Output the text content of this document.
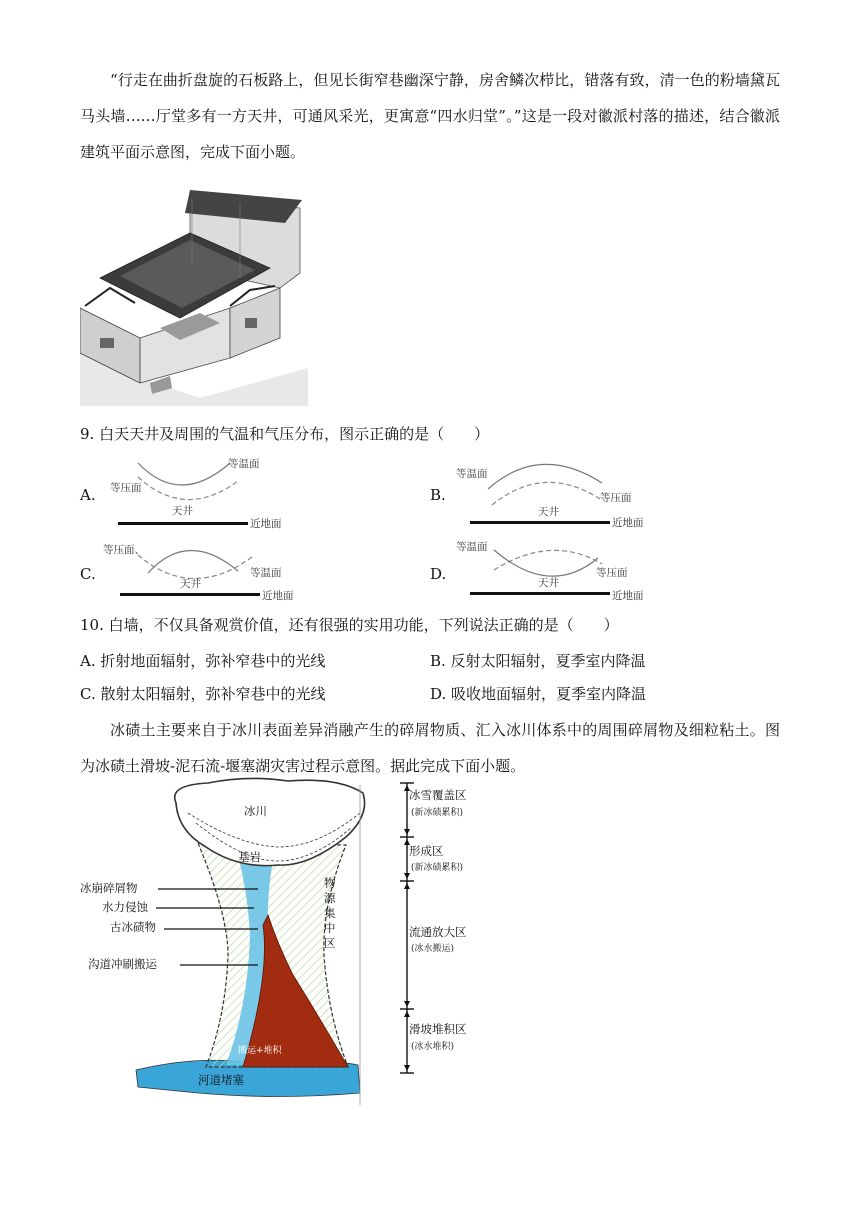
“行走在曲折盘旋的石板路上，但见长街窄巷幽深宁静，房舍鳞次栉比，错落有致，清一色的粉墙黛瓦马头墙……厅堂多有一方天井，可通风采光，更寓意“四水归堂”。”这是一段对徽派村落的描述，结合徽派建筑平面示意图，完成下面小题。
9. 白天天井及周围的气温和气压分布，图示正确的是（　　）
A.
等温面
等压面
天井
近地面
B.
等温面
等压面
天井
近地面
C.
等压面、
等温面
天井
近地面
D.
等温面
等压面
天井
近地面
10. 白墙，不仅具备观赏价值，还有很强的实用功能，下列说法正确的是（　　）
A. 折射地面辐射，弥补窄巷中的光线	B. 反射太阳辐射，夏季室内降温
C. 散射太阳辐射，弥补窄巷中的光线	D. 吸收地面辐射，夏季室内降温
冰碛土主要来自于冰川表面差异消融产生的碎屑物质、汇入冰川体系中的周围碎屑物及细粒粘土。图为冰碛土滑坡-泥石流-堰塞湖灾害过程示意图。据此完成下面小题。
冰川
基岩
冰崩碎屑物
水力侵蚀
古冰碛物
沟道冲刷搬运
物 源 集 中 区
搬运+堆积
河道堵塞
冰雪覆盖区
(新冰碛累积)
形成区
(新冰碛累积)
流通放大区
(冰水搬运)
滑坡堆积区
(冰水堆积)
